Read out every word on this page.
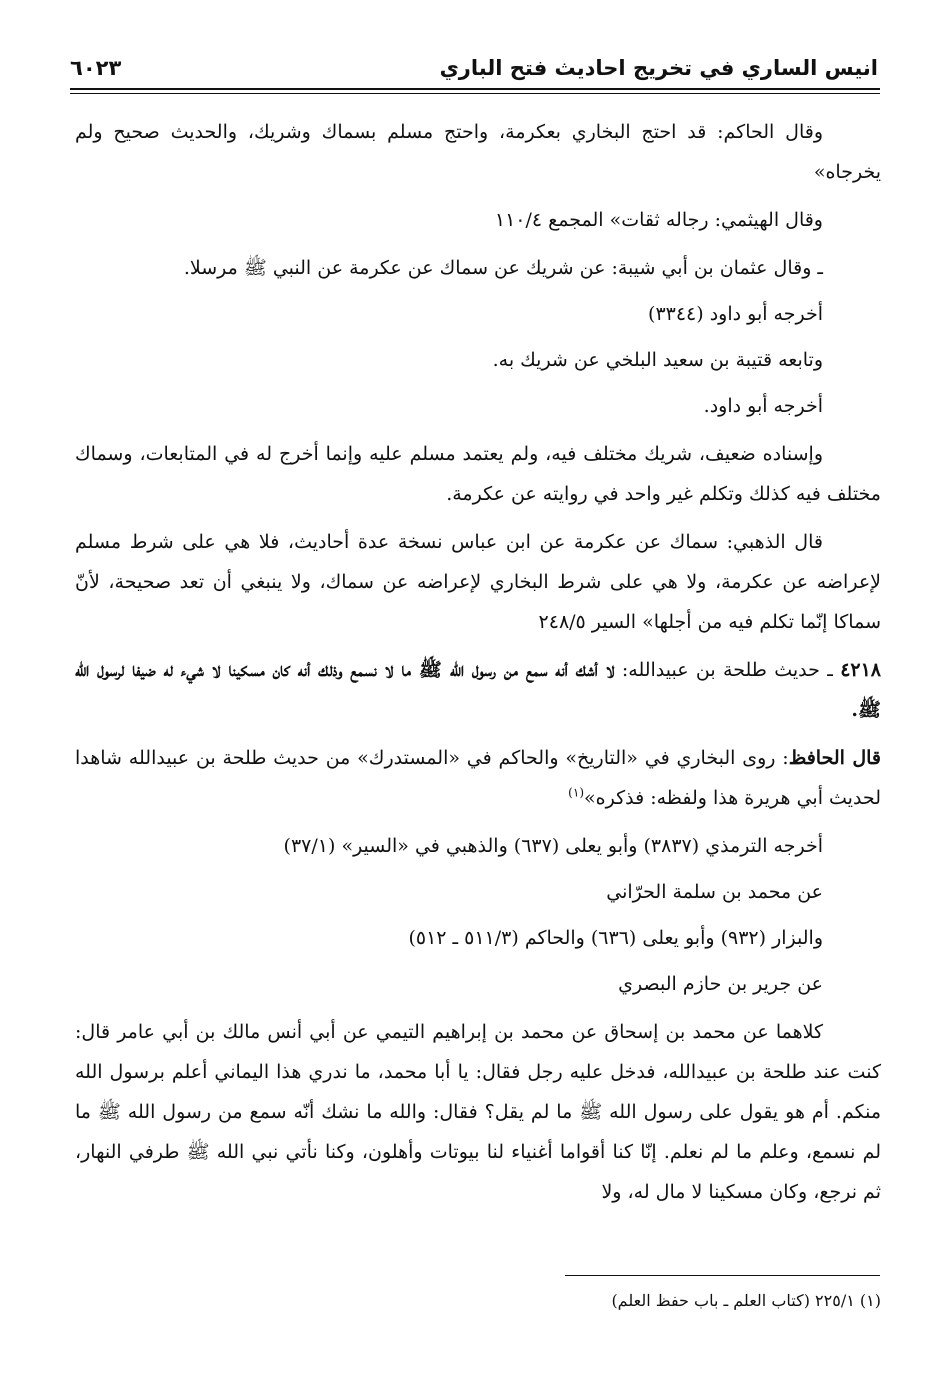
انيس الساري في تخريج احاديث فتح الباري
٦٠٢٣

وقال الحاكم: قد احتج البخاري بعكرمة، واحتج مسلم بسماك وشريك، والحديث صحيح ولم يخرجاه»

وقال الهيثمي: رجاله ثقات» المجمع ١١٠/٤

ـ وقال عثمان بن أبي شيبة: عن شريك عن سماك عن عكرمة عن النبي ﷺ مرسلا.

أخرجه أبو داود (٣٣٤٤)

وتابعه قتيبة بن سعيد البلخي عن شريك به.

أخرجه أبو داود.

وإسناده ضعيف، شريك مختلف فيه، ولم يعتمد مسلم عليه وإنما أخرج له في المتابعات، وسماك مختلف فيه كذلك وتكلم غير واحد في روايته عن عكرمة.

قال الذهبي: سماك عن عكرمة عن ابن عباس نسخة عدة أحاديث، فلا هي على شرط مسلم لإعراضه عن عكرمة، ولا هي على شرط البخاري لإعراضه عن سماك، ولا ينبغي أن تعد صحيحة، لأنّ سماكا إنّما تكلم فيه من أجلها» السير ٢٤٨/٥

٤٢١٨ ـ حديث طلحة بن عبيدالله: لا أشك أنه سمع من رسول الله ﷺ ما لا نسمع وذلك أنه كان مسكينا لا شيء له ضيفا لرسول الله ﷺ.

قال الحافظ: روى البخاري في «التاريخ» والحاكم في «المستدرك» من حديث طلحة بن عبيدالله شاهدا لحديث أبي هريرة هذا ولفظه: فذكره»$^{(١)}$

أخرجه الترمذي (٣٨٣٧) وأبو يعلى (٦٣٧) والذهبي في «السير» (٣٧/١)

عن محمد بن سلمة الحرّاني

والبزار (٩٣٢) وأبو يعلى (٦٣٦) والحاكم (٥١١/٣ ـ ٥١٢)

عن جرير بن حازم البصري

كلاهما عن محمد بن إسحاق عن محمد بن إبراهيم التيمي عن أبي أنس مالك بن أبي عامر قال: كنت عند طلحة بن عبيدالله، فدخل عليه رجل فقال: يا أبا محمد، ما ندري هذا اليماني أعلم برسول الله منكم. أم هو يقول على رسول الله ﷺ ما لم يقل؟ فقال: والله ما نشك أنّه سمع من رسول الله ﷺ ما لم نسمع، وعلم ما لم نعلم. إنّا كنا أقواما أغنياء لنا بيوتات وأهلون، وكنا نأتي نبي الله ﷺ طرفي النهار، ثم نرجع، وكان مسكينا لا مال له، ولا

(١) ٢٢٥/١ (كتاب العلم ـ باب حفظ العلم)
